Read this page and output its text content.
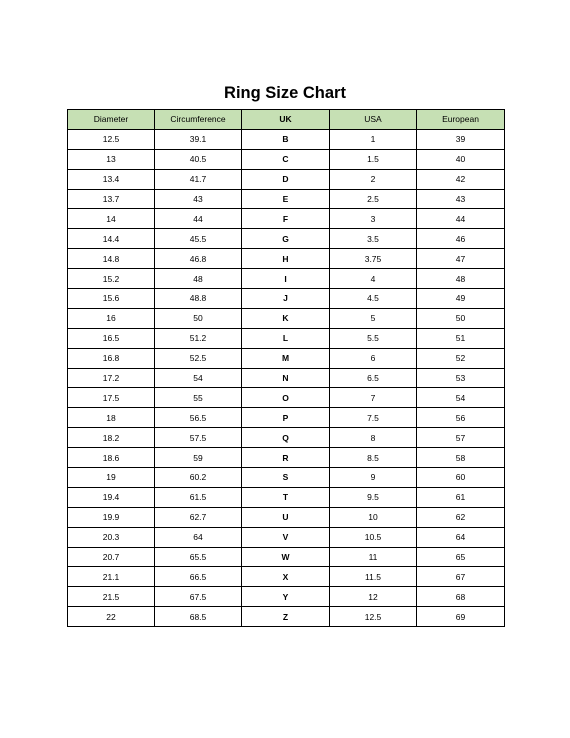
Ring Size Chart
Diameter	Circumference	UK	USA	European
12.5	39.1	B	1	39
13	40.5	C	1.5	40
13.4	41.7	D	2	42
13.7	43	E	2.5	43
14	44	F	3	44
14.4	45.5	G	3.5	46
14.8	46.8	H	3.75	47
15.2	48	I	4	48
15.6	48.8	J	4.5	49
16	50	K	5	50
16.5	51.2	L	5.5	51
16.8	52.5	M	6	52
17.2	54	N	6.5	53
17.5	55	O	7	54
18	56.5	P	7.5	56
18.2	57.5	Q	8	57
18.6	59	R	8.5	58
19	60.2	S	9	60
19.4	61.5	T	9.5	61
19.9	62.7	U	10	62
20.3	64	V	10.5	64
20.7	65.5	W	11	65
21.1	66.5	X	11.5	67
21.5	67.5	Y	12	68
22	68.5	Z	12.5	69
